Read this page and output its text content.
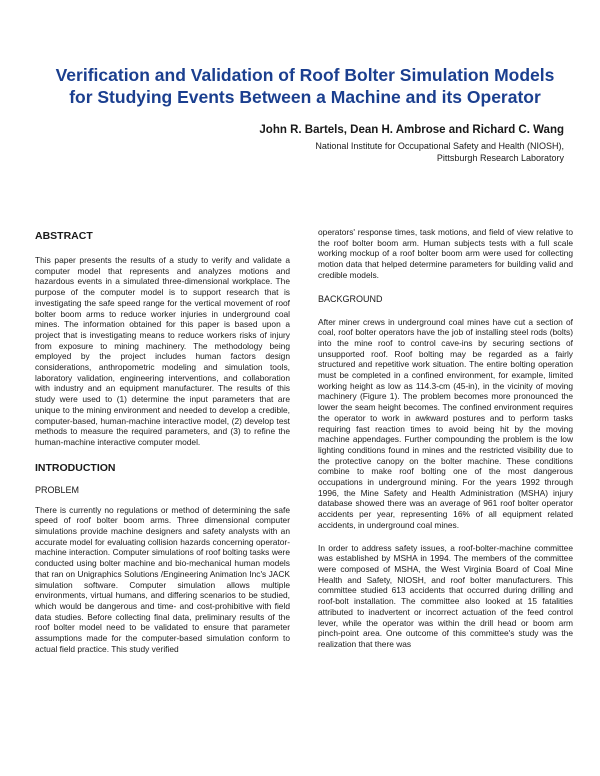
Verification and Validation of Roof Bolter Simulation Models
for Studying Events Between a Machine and its Operator
John R. Bartels, Dean H. Ambrose and Richard C. Wang
National Institute for Occupational Safety and Health (NIOSH),
Pittsburgh Research Laboratory
ABSTRACT

This paper presents the results of a study to verify and validate a computer model that represents and analyzes motions and hazardous events in a simulated three-dimensional workplace. The purpose of the computer model is to support research that is investigating the safe speed range for the vertical movement of roof bolter boom arms to reduce worker injuries in underground coal mines. The information obtained for this paper is based upon a project that is investigating means to reduce workers risks of injury from exposure to mining machinery. The methodology being employed by the project includes human factors design considerations, anthropometric modeling and simulation tools, laboratory validation, engineering interventions, and collaboration with industry and an equipment manufacturer. The results of this study were used to (1) determine the input parameters that are unique to the mining environment and needed to develop a credible, computer-based, human-machine interactive model, (2) develop test methods to measure the required parameters, and (3) to refine the human-machine interactive computer model.

INTRODUCTION
PROBLEM

There is currently no regulations or method of determining the safe speed of roof bolter boom arms. Three dimensional computer simulations provide machine designers and safety analysts with an accurate model for evaluating collision hazards concerning operator-machine interaction. Computer simulations of roof bolting tasks were conducted using bolter machine and bio-mechanical human models that ran on Unigraphics Solutions /Engineering Animation Inc's JACK simulation software. Computer simulation allows multiple environments, virtual humans, and differing scenarios to be studied, which would be dangerous and time- and cost-prohibitive with field data studies. Before collecting final data, preliminary results of the roof bolter model need to be validated to ensure that parameter assumptions made for the computer-based simulation conform to actual field practice. This study verified

operators' response times, task motions, and field of view relative to the roof bolter boom arm. Human subjects tests with a full scale working mockup of a roof bolter boom arm were used for collecting motion data that helped determine parameters for building valid and credible models.

BACKGROUND

After miner crews in underground coal mines have cut a section of coal, roof bolter operators have the job of installing steel rods (bolts) into the mine roof to control cave-ins by securing sections of unsupported roof. Roof bolting may be regarded as a fairly structured and repetitive work situation. The entire bolting operation must be completed in a confined environment, for example, limited working height as low as 114.3-cm (45-in), in the vicinity of moving machinery (Figure 1). The problem becomes more pronounced the lower the seam height becomes. The confined environment requires the operator to work in awkward postures and to perform tasks requiring fast reaction times to avoid being hit by the moving machine appendages. Further compounding the problem is the low lighting conditions found in mines and the restricted visibility due to the protective canopy on the bolter machine. These conditions combine to make roof bolting one of the most dangerous occupations in underground mining. For the years 1992 through 1996, the Mine Safety and Health Administration (MSHA) injury database showed there was an average of 961 roof bolter operator accidents per year, representing 16% of all equipment related accidents, in underground coal mines.

In order to address safety issues, a roof-bolter-machine committee was established by MSHA in 1994. The members of the committee were composed of MSHA, the West Virginia Board of Coal Mine Health and Safety, NIOSH, and roof bolter manufacturers. This committee studied 613 accidents that occurred during drilling and roof-bolt installation. The committee also looked at 15 fatalities attributed to inadvertent or incorrect actuation of the feed control lever, while the operator was within the drill head or boom arm pinch-point area. One outcome of this committee's study was the realization that there was
